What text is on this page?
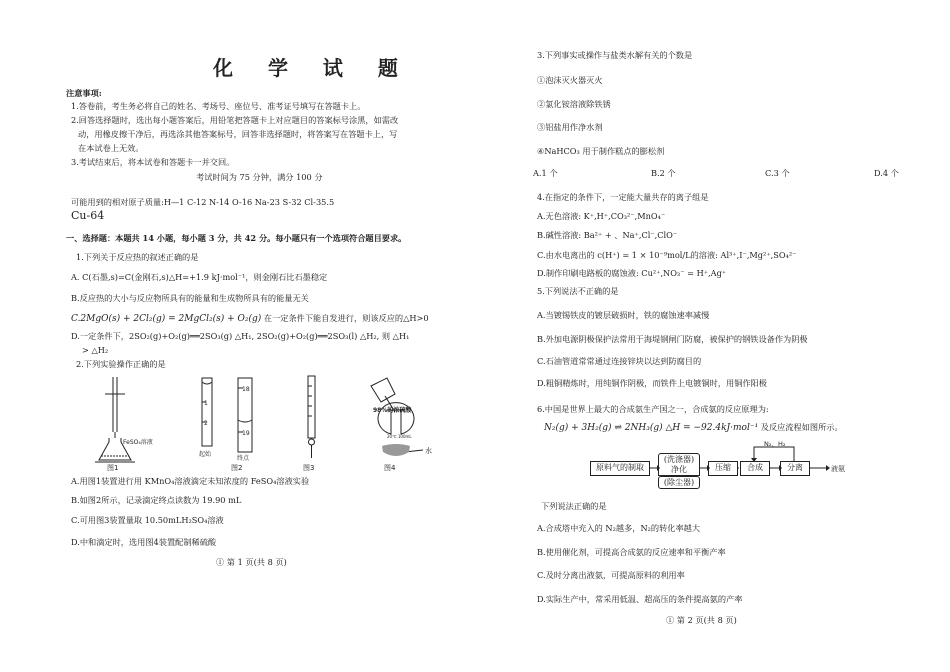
化 学 试 题
注意事项:
1.答卷前，考生务必将自己的姓名、考场号、座位号、准考证号填写在答题卡上。
2.回答选择题时，选出每小题答案后，用铅笔把答题卡上对应题目的答案标号涂黑，如需改
动，用橡皮擦干净后，再选涂其他答案标号，回答非选择题时，将答案写在答题卡上，写
在本试卷上无效。
3.考试结束后，将本试卷和答题卡一并交回。
考试时间为 75 分钟，满分 100 分
可能用到的相对原子质量:H—1 C-12 N-14 O-16 Na-23 S-32 Cl-35.5
Cu-64
一、选择题：本题共 14 小题，每小题 3 分，共 42 分。每小题只有一个选项符合题目要求。
1.下列关于反应热的叙述正确的是
A. C(石墨,s)=C(金刚石,s)△H=+1.9 kJ·mol⁻¹，则金刚石比石墨稳定
B.反应热的大小与反应物所具有的能量和生成物所具有的能量无关
C.2MgO(s) + 2Cl₂(g) = 2MgCl₂(s) + O₂(g) 在一定条件下能自发进行，则该反应的△H>0
D.一定条件下，2SO₂(g)+O₂(g)══2SO₃(g) △H₁, 2SO₂(g)+O₂(g)══2SO₃(l) △H₂, 则 △H₁
> △H₂
2.下列实验操作正确的是
FeSO₄溶液
图1
1
2
18
19
起始
终点
图2	图3
98%的浓硫酸
水
20℃ 100mL
图4
A.用图1装置进行用 KMnO₄溶液滴定未知浓度的 FeSO₄溶液实验
B.如图2所示，记录滴定终点读数为 19.90 mL
C.可用图3装置量取 10.50mLH₂SO₄溶液
D.中和滴定时，选用图4装置配制稀硫酸
① 第 1 页(共 8 页)
3.下列事实或操作与盐类水解有关的个数是
①泡沫灭火器灭火
②氯化铵溶液除铁锈
③铝盐用作净水剂
④NaHCO₃ 用于制作糕点的膨松剂
A.1 个	B.2 个	C.3 个	D.4 个
4.在指定的条件下，一定能大量共存的离子组是
A.无色溶液: K⁺,H⁺,CO₃²⁻,MnO₄⁻
B.碱性溶液: Ba²⁺ + 、Na⁺,Cl⁻,ClO⁻
C.由水电离出的 c(H⁺) = 1 × 10⁻⁹mol/L的溶液: Al³⁺,I⁻,Mg²⁺,SO₄²⁻
D.制作印刷电路板的腐蚀液: Cu²⁺,NO₃⁻ = H⁺,Ag⁺
5.下列说法不正确的是
A.当镀锡铁皮的镀层破损时，铁的腐蚀速率减慢
B.外加电源阴极保护法常用于海堤钢闸门防腐，被保护的钢铁设备作为阴极
C.石油管道常常通过连接锌块以达到防腐目的
D.粗铜精炼时，用纯铜作阴极，而铁件上电镀铜时，用铜作阳极
6.中国是世界上最大的合成氨生产国之一，合成氨的反应原理为:
N₂(g) + 3H₂(g) ⇌ 2NH₃(g) △H = −92.4kJ·mol⁻¹ 及反应流程如图所示。
原料气的制取
(洗涤器)
净化
(除尘器)
压缩	合成	分离
N₂、H₂
液氨
下列说法正确的是
A.合成塔中充入的 N₂越多，N₂的转化率越大
B.使用催化剂，可提高合成氨的反应速率和平衡产率
C.及时分离出液氨，可提高原料的利用率
D.实际生产中，常采用低温、超高压的条件提高氨的产率
① 第 2 页(共 8 页)
